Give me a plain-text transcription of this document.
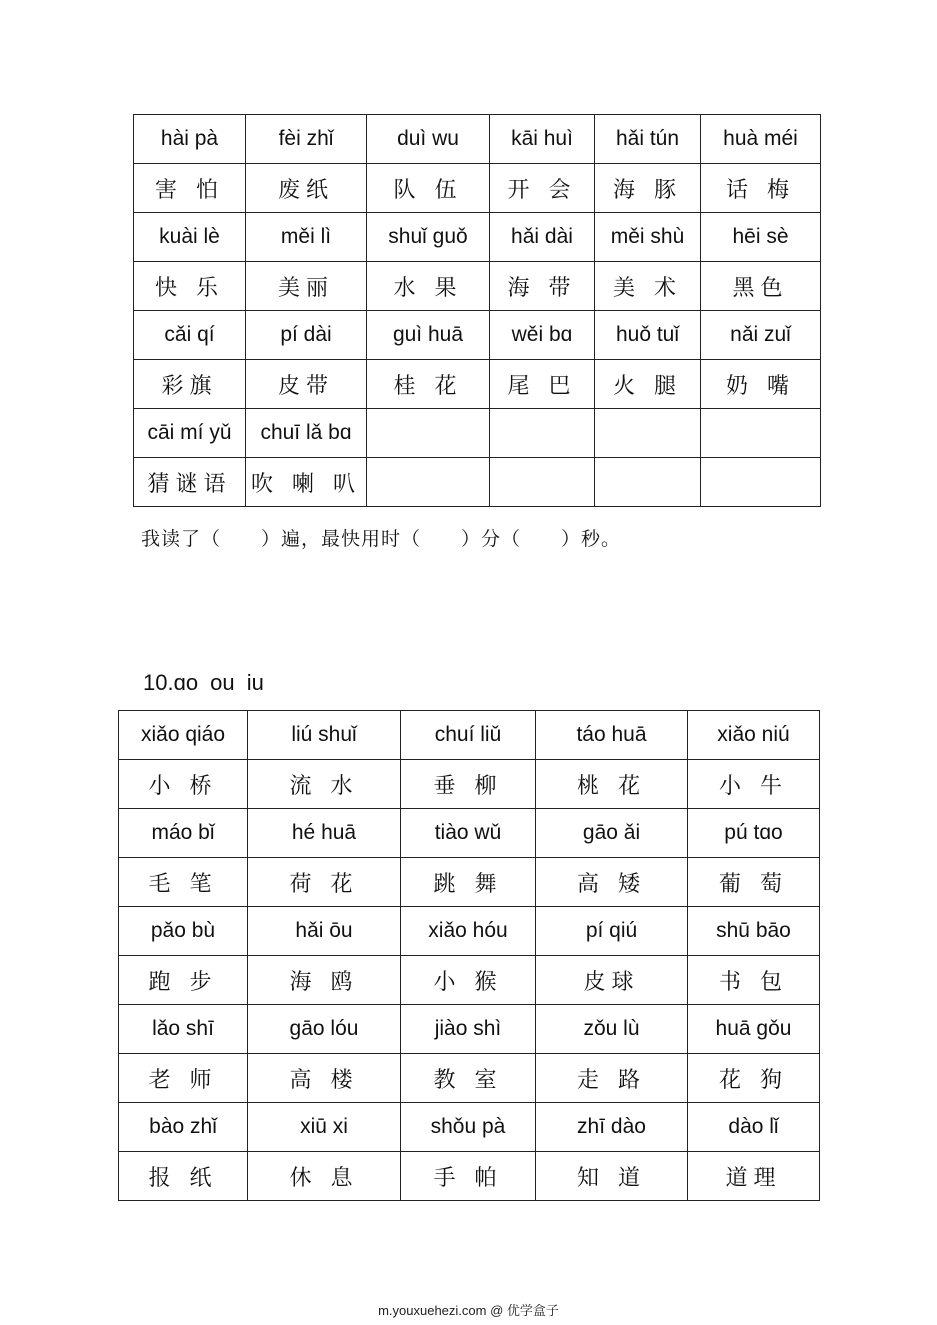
hài pà	fèi zhǐ	duì wu	kāi huì	hǎi tún	huà méi
害 怕	废纸	队 伍	开 会	海 豚	话 梅
kuài lè	měi lì	shuǐ guǒ	hǎi dài	měi shù	hēi sè
快 乐	美丽	水 果	海 带	美 术	黑色
cǎi qí	pí dài	guì huā	wěi bɑ	huǒ tuǐ	nǎi zuǐ
彩旗	皮带	桂 花	尾 巴	火 腿	奶 嘴
cāi mí yǔ	chuī lǎ bɑ				
猜谜语	吹 喇 叭				
我读了（　　）遍，最快用时（　　）分（　　）秒。
10.ɑo ou iu
xiǎo qiáo	liú shuǐ	chuí liǔ	táo huā	xiǎo niú
小 桥	流 水	垂 柳	桃 花	小 牛
máo bǐ	hé huā	tiào wǔ	gāo ǎi	pú tɑo
毛 笔	荷 花	跳 舞	高 矮	葡 萄
pǎo bù	hǎi ōu	xiǎo hóu	pí qiú	shū bāo
跑 步	海 鸥	小 猴	皮球	书 包
lǎo shī	gāo lóu	jiào shì	zǒu lù	huā gǒu
老 师	高 楼	教 室	走 路	花 狗
bào zhǐ	xiū xi	shǒu pà	zhī dào	dào lǐ
报 纸	休 息	手 帕	知 道	道理
m.youxuehezi.com @ 优学盒子
